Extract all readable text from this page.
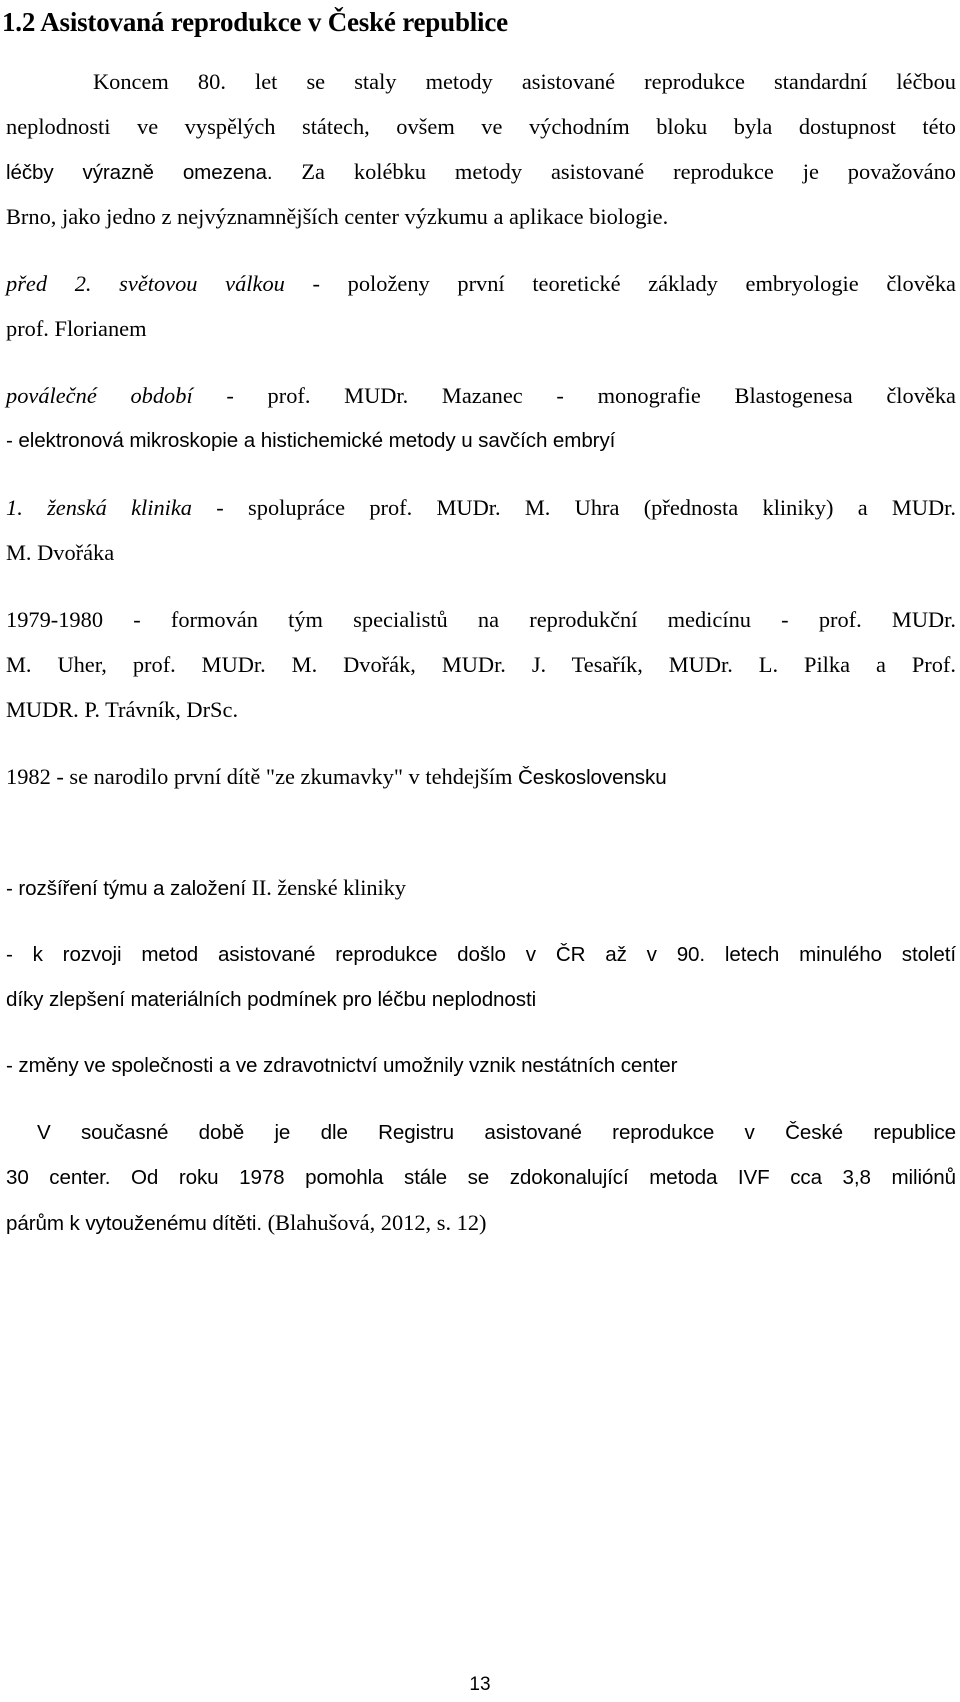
1.2 Asistovaná reprodukce v České republice

Koncem 80. let se staly metody asistované reprodukce standardní léčbou

neplodnosti ve vyspělých státech, ovšem ve východním bloku byla dostupnost této

léčby výrazně omezena. Za kolébku metody asistované reprodukce je považováno

Brno, jako jedno z nejvýznamnějších center výzkumu a aplikace biologie.

před 2. světovou válkou - položeny první teoretické základy embryologie člověka

prof. Florianem

poválečné období - prof. MUDr. Mazanec - monografie Blastogenesa člověka

- elektronová mikroskopie a histichemické metody u savčích embryí

1. ženská klinika - spolupráce prof. MUDr. M. Uhra (přednosta kliniky) a MUDr.

M. Dvořáka

1979-1980 - formován tým specialistů na reprodukční medicínu - prof. MUDr.

M. Uher, prof. MUDr. M. Dvořák, MUDr. J. Tesařík, MUDr. L. Pilka a Prof.

MUDR. P. Trávník, DrSc.

1982 - se narodilo první dítě "ze zkumavky" v tehdejším Československu

- rozšíření týmu a založení II. ženské kliniky

- k rozvoji metod asistované reprodukce došlo v ČR až v 90. letech minulého století

díky zlepšení materiálních podmínek pro léčbu neplodnosti

- změny ve společnosti a ve zdravotnictví umožnily vznik nestátních center

V současné době je dle Registru asistované reprodukce v České republice

30 center. Od roku 1978 pomohla stále se zdokonalující metoda IVF cca 3,8 miliónů

párům k vytouženému dítěti. (Blahušová, 2012, s. 12)

13
